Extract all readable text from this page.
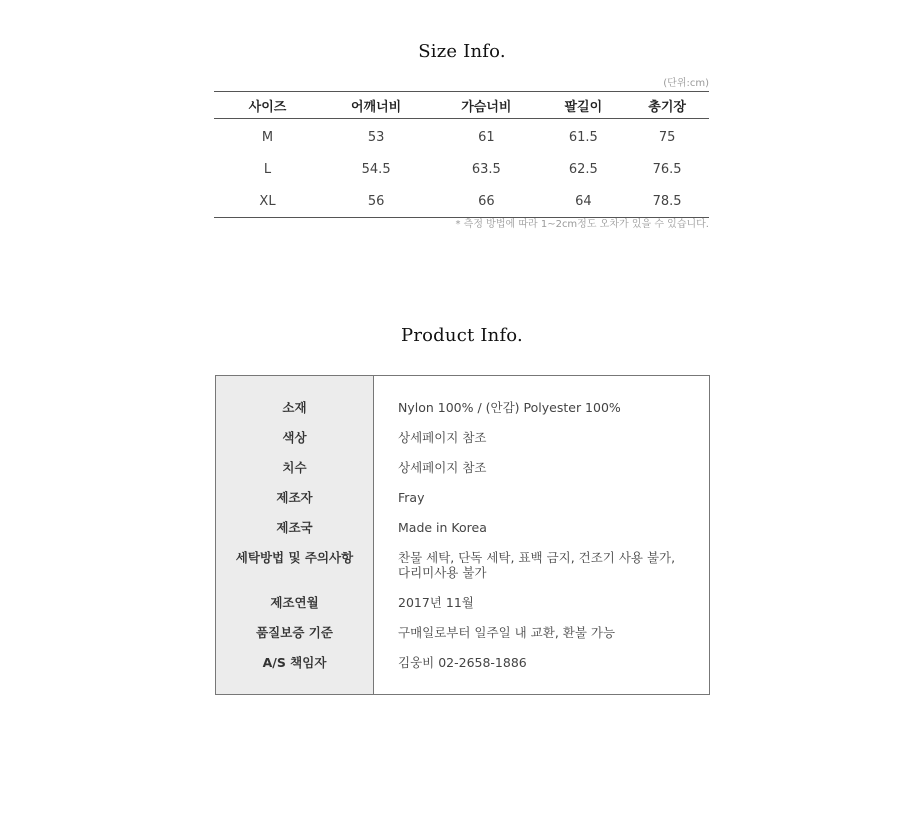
Size Info.
(단위:cm)
사이즈	어깨너비	가슴너비	팔길이	총기장
M	53	61	61.5	75
L	54.5	63.5	62.5	76.5
XL	56	66	64	78.5
* 측정 방법에 따라 1~2cm정도 오차가 있을 수 있습니다.
Product Info.
소재	Nylon 100% / (안감) Polyester 100%
색상	상세페이지 참조
치수	상세페이지 참조
제조자	Fray
제조국	Made in Korea
세탁방법 및 주의사항	찬물 세탁, 단독 세탁, 표백 금지, 건조기 사용 불가,
다리미사용 불가
제조연월	2017년 11월
품질보증 기준	구매일로부터 일주일 내 교환, 환불 가능
A/S 책임자	김웅비 02-2658-1886
